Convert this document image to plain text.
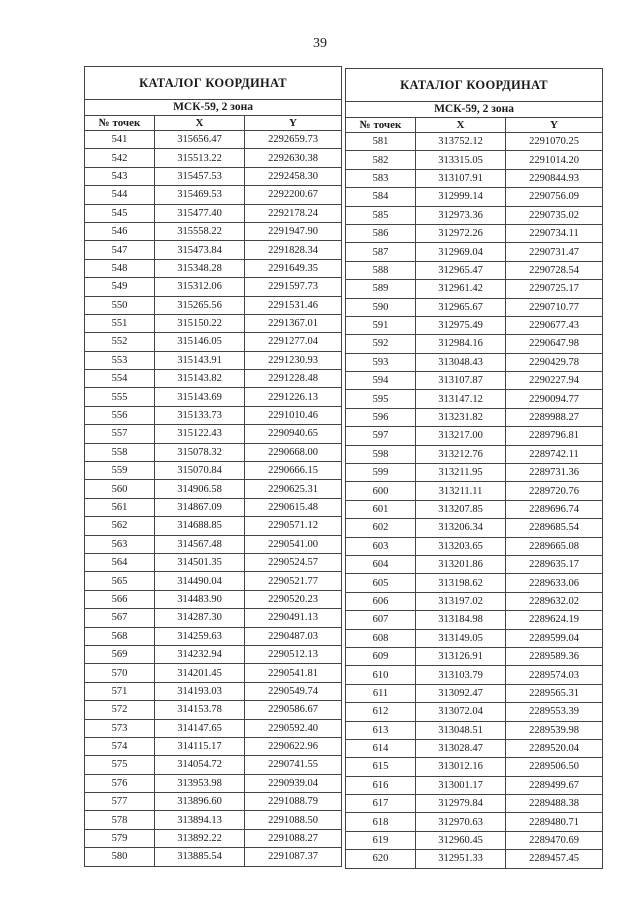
39
КАТАЛОГ КООРДИНАТ		
МСК-59, 2 зона		
№ точек	X	Y
541	315656.47	2292659.73
542	315513.22	2292630.38
543	315457.53	2292458.30
544	315469.53	2292200.67
545	315477.40	2292178.24
546	315558.22	2291947.90
547	315473.84	2291828.34
548	315348.28	2291649.35
549	315312.06	2291597.73
550	315265.56	2291531.46
551	315150.22	2291367.01
552	315146.05	2291277.04
553	315143.91	2291230.93
554	315143.82	2291228.48
555	315143.69	2291226.13
556	315133.73	2291010.46
557	315122.43	2290940.65
558	315078.32	2290668.00
559	315070.84	2290666.15
560	314906.58	2290625.31
561	314867.09	2290615.48
562	314688.85	2290571.12
563	314567.48	2290541.00
564	314501.35	2290524.57
565	314490.04	2290521.77
566	314483.90	2290520.23
567	314287.30	2290491.13
568	314259.63	2290487.03
569	314232.94	2290512.13
570	314201.45	2290541.81
571	314193.03	2290549.74
572	314153.78	2290586.67
573	314147.65	2290592.40
574	314115.17	2290622.96
575	314054.72	2290741.55
576	313953.98	2290939.04
577	313896.60	2291088.79
578	313894.13	2291088.50
579	313892.22	2291088.27
580	313885.54	2291087.37
КАТАЛОГ КООРДИНАТ		
МСК-59, 2 зона		
№ точек	X	Y
581	313752.12	2291070.25
582	313315.05	2291014.20
583	313107.91	2290844.93
584	312999.14	2290756.09
585	312973.36	2290735.02
586	312972.26	2290734.11
587	312969.04	2290731.47
588	312965.47	2290728.54
589	312961.42	2290725.17
590	312965.67	2290710.77
591	312975.49	2290677.43
592	312984.16	2290647.98
593	313048.43	2290429.78
594	313107.87	2290227.94
595	313147.12	2290094.77
596	313231.82	2289988.27
597	313217.00	2289796.81
598	313212.76	2289742.11
599	313211.95	2289731.36
600	313211.11	2289720.76
601	313207.85	2289696.74
602	313206.34	2289685.54
603	313203.65	2289665.08
604	313201.86	2289635.17
605	313198.62	2289633.06
606	313197.02	2289632.02
607	313184.98	2289624.19
608	313149.05	2289599.04
609	313126.91	2289589.36
610	313103.79	2289574.03
611	313092.47	2289565.31
612	313072.04	2289553.39
613	313048.51	2289539.98
614	313028.47	2289520.04
615	313012.16	2289506.50
616	313001.17	2289499.67
617	312979.84	2289488.38
618	312970.63	2289480.71
619	312960.45	2289470.69
620	312951.33	2289457.45
